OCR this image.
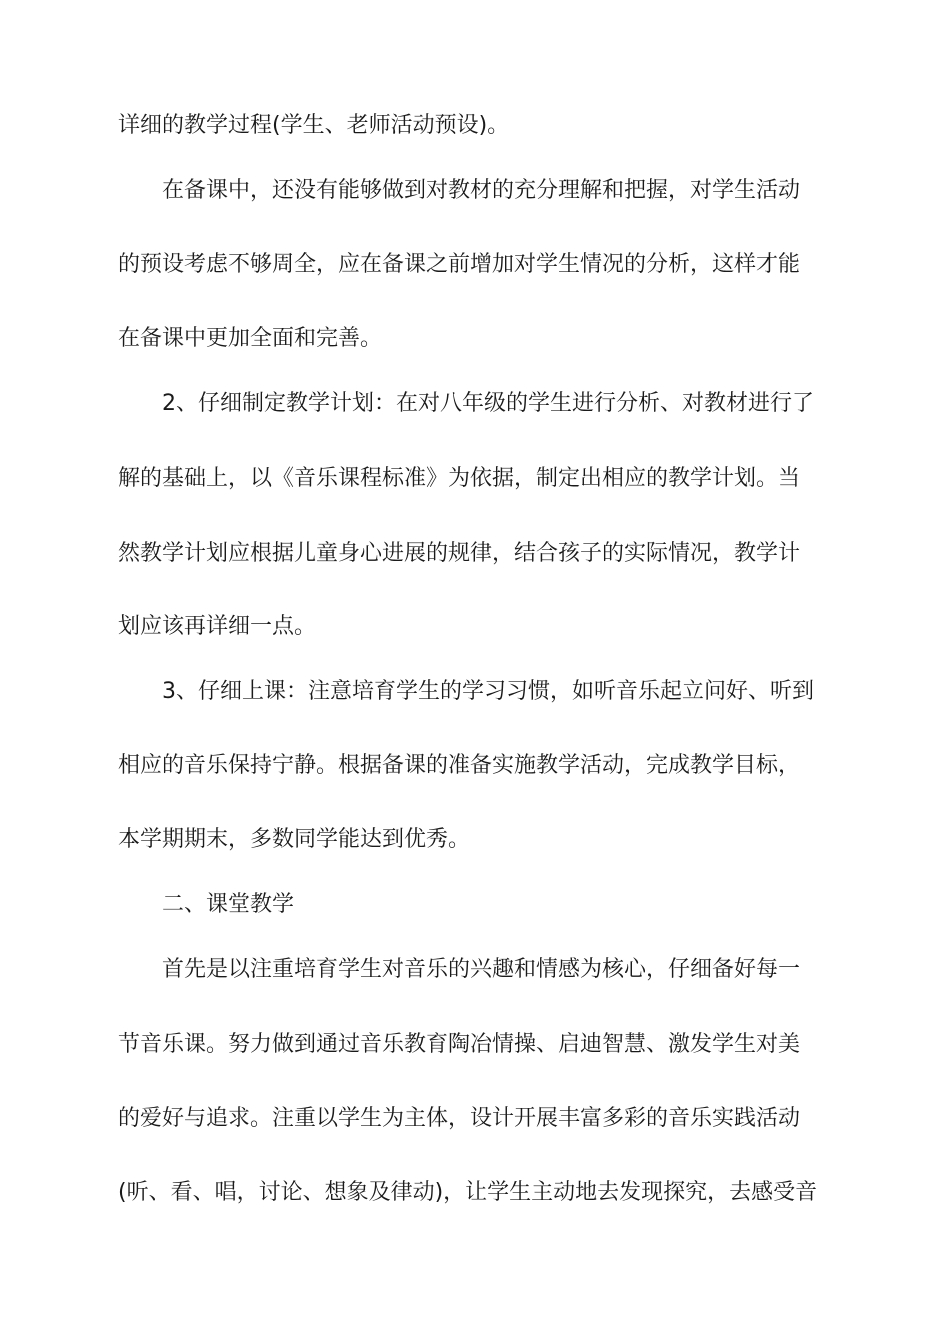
详细的教学过程(学生、老师活动预设)。
在备课中，还没有能够做到对教材的充分理解和把握，对学生活动
的预设考虑不够周全，应在备课之前增加对学生情况的分析，这样才能
在备课中更加全面和完善。
2、仔细制定教学计划：在对八年级的学生进行分析、对教材进行了
解的基础上，以《音乐课程标准》为依据，制定出相应的教学计划。当
然教学计划应根据儿童身心进展的规律，结合孩子的实际情况，教学计
划应该再详细一点。
3、仔细上课：注意培育学生的学习习惯，如听音乐起立问好、听到
相应的音乐保持宁静。根据备课的准备实施教学活动，完成教学目标，
本学期期末，多数同学能达到优秀。
二、课堂教学
首先是以注重培育学生对音乐的兴趣和情感为核心，仔细备好每一
节音乐课。努力做到通过音乐教育陶冶情操、启迪智慧、激发学生对美
的爱好与追求。注重以学生为主体，设计开展丰富多彩的音乐实践活动
(听、看、唱，讨论、想象及律动)，让学生主动地去发现探究，去感受音
